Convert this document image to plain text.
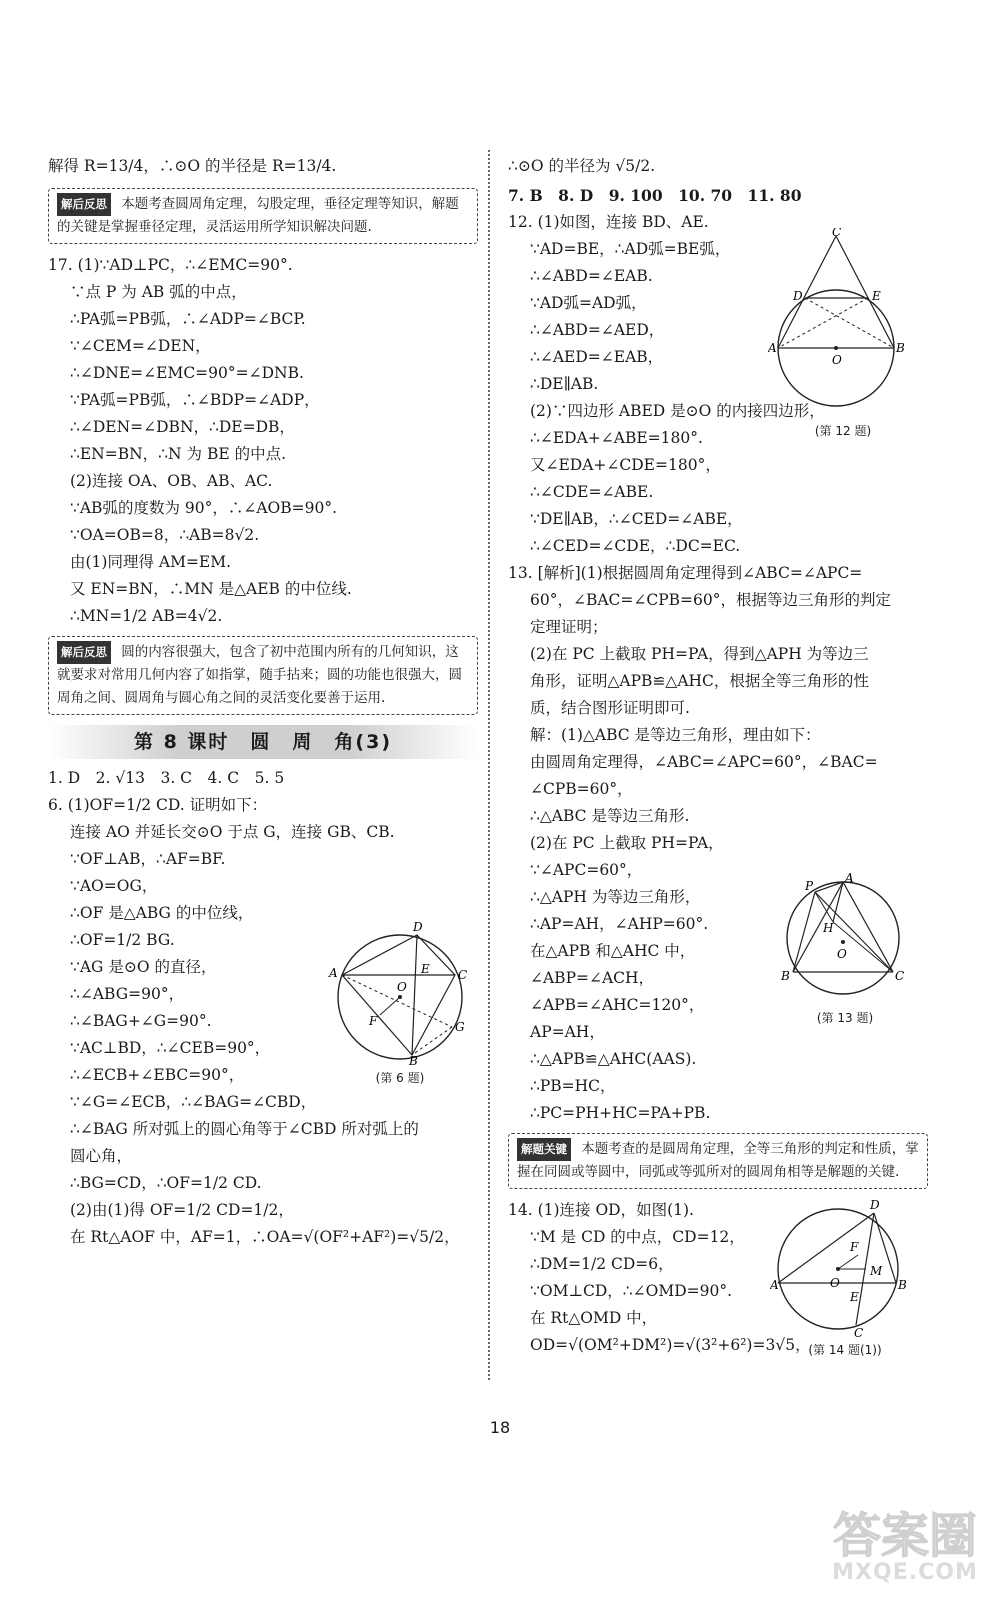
解得 R=13/4，∴⊙O 的半径是 R=13/4.
解后反思 本题考查圆周角定理，勾股定理，垂径定理等知识，解题的关键是掌握垂径定理，灵活运用所学知识解决问题.
17. (1)∵AD⊥PC，∴∠EMC=90°.
∵点 P 为 AB 弧的中点，
∴PA弧=PB弧，∴∠ADP=∠BCP.
∵∠CEM=∠DEN，
∴∠DNE=∠EMC=90°=∠DNB.
∵PA弧=PB弧，∴∠BDP=∠ADP，
∴∠DEN=∠DBN，∴DE=DB，
∴EN=BN，∴N 为 BE 的中点.
(2)连接 OA、OB、AB、AC.
∵AB弧的度数为 90°，∴∠AOB=90°.
∵OA=OB=8，∴AB=8√2.
由(1)同理得 AM=EM.
又 EN=BN，∴MN 是△AEB 的中位线.
∴MN=1/2 AB=4√2.
解后反思 圆的内容很强大，包含了初中范围内所有的几何知识，这就要求对常用几何内容了如指掌，随手拈来；圆的功能也很强大，圆周角之间、圆周角与圆心角之间的灵活变化要善于运用.
第 8 课时　圆　周　角(3)
1. D　2. √13　3. C　4. C　5. 5
6. (1)OF=1/2 CD. 证明如下：
连接 AO 并延长交⊙O 于点 G，连接 GB、CB.
∵OF⊥AB，∴AF=BF.
∵AO=OG，
∴OF 是△ABG 的中位线，
∴OF=1/2 BG.
∵AG 是⊙O 的直径，
∴∠ABG=90°，
∴∠BAG+∠G=90°.
∵AC⊥BD，∴∠CEB=90°，
∴∠ECB+∠EBC=90°，
∵∠G=∠ECB，∴∠BAG=∠CBD，
∴∠BAG 所对弧上的圆心角等于∠CBD 所对弧上的
圆心角，
∴BG=CD，∴OF=1/2 CD.
(2)由(1)得 OF=1/2 CD=1/2，
在 Rt△AOF 中，AF=1，∴OA=√(OF²+AF²)=√5/2，
A
D
C
E
O
F	G
B
(第 6 题)
∴⊙O 的半径为 √5/2.
7. B　8. D　9. 100　10. 70　11. 80
12. (1)如图，连接 BD、AE.
∵AD=BE，∴AD弧=BE弧，
∴∠ABD=∠EAB.
∵AD弧=AD弧，
∴∠ABD=∠AED，
∴∠AED=∠EAB，
∴DE∥AB.
(2)∵四边形 ABED 是⊙O 的内接四边形，
∴∠EDA+∠ABE=180°.
又∠EDA+∠CDE=180°，
∴∠CDE=∠ABE.
∵DE∥AB，∴∠CED=∠ABE，
∴∠CED=∠CDE，∴DC=EC.
13. [解析](1)根据圆周角定理得到∠ABC=∠APC=
60°，∠BAC=∠CPB=60°，根据等边三角形的判定
定理证明；
(2)在 PC 上截取 PH=PA，得到△APH 为等边三
角形，证明△APB≌△AHC，根据全等三角形的性
质，结合图形证明即可.
解：(1)△ABC 是等边三角形，理由如下：
由圆周角定理得，∠ABC=∠APC=60°，∠BAC=
∠CPB=60°，
∴△ABC 是等边三角形.
(2)在 PC 上截取 PH=PA，
∵∠APC=60°，
∴△APH 为等边三角形，
∴AP=AH，∠AHP=60°.
在△APB 和△AHC 中，
∠ABP=∠ACH，
∠APB=∠AHC=120°，
AP=AH，
∴△APB≌△AHC(AAS).
∴PB=HC，
∴PC=PH+HC=PA+PB.
解题关键 本题考查的是圆周角定理，全等三角形的判定和性质，掌握在同圆或等圆中，同弧或等弧所对的圆周角相等是解题的关键.
14. (1)连接 OD，如图(1).
∵M 是 CD 的中点，CD=12，
∴DM=1/2 CD=6，
∵OM⊥CD，∴∠OMD=90°.
在 Rt△OMD 中，
OD=√(OM²+DM²)=√(3²+6²)=3√5，
C
D	E
A	B
O
(第 12 题)
P
A
H
O
B	C
(第 13 题)
D
F
M
O
A	B
E
C
(第 14 题(1))
18
答案圈
MXQE.COM
